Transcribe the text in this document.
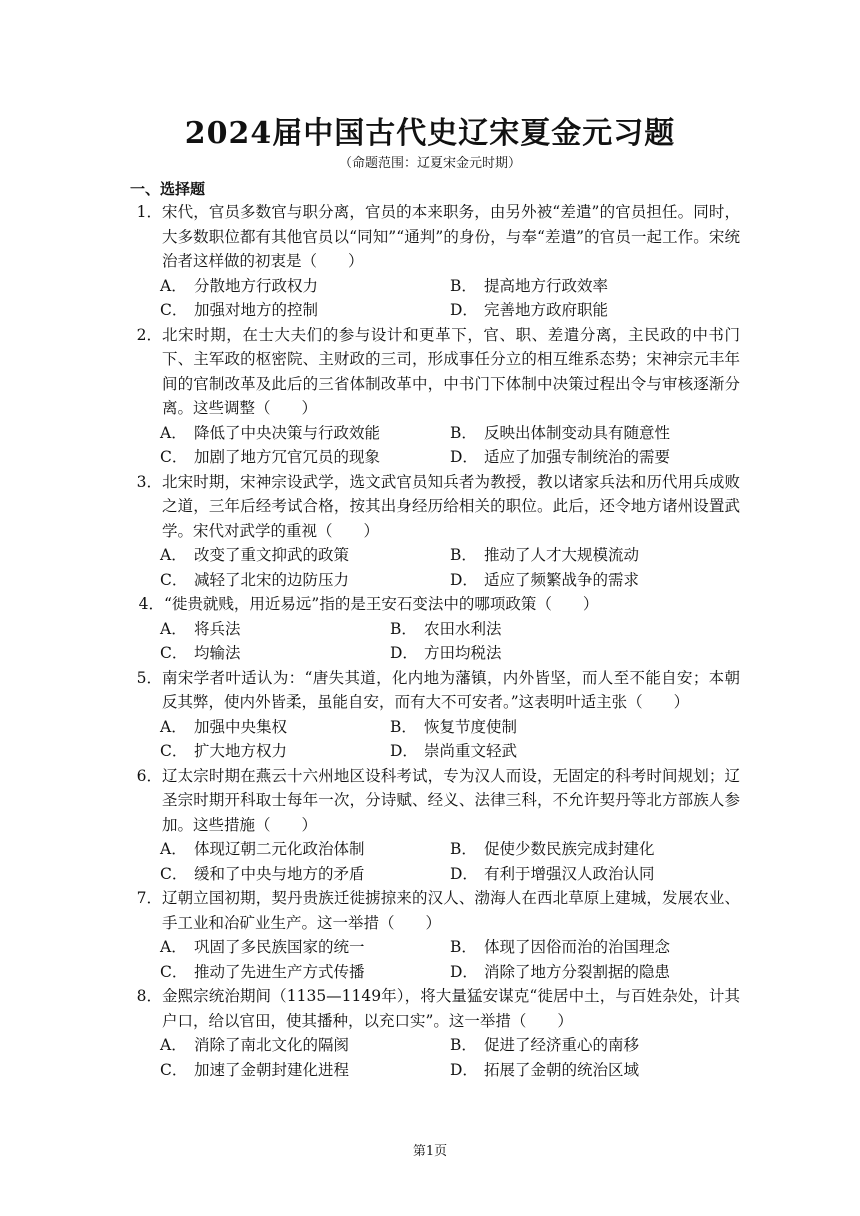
2024届中国古代史辽宋夏金元习题
（命题范围：辽夏宋金元时期）
一、选择题
1． 宋代，官员多数官与职分离，官员的本来职务，由另外被“差遣”的官员担任。同时，大多数职位都有其他官员以“同知”“通判”的身份，与奉“差遣”的官员一起工作。宋统治者这样做的初衷是（　　）
A． 分散地方行政权力	B． 提高地方行政效率
C． 加强对地方的控制	D． 完善地方政府职能
2． 北宋时期，在士大夫们的参与设计和更革下，官、职、差遣分离，主民政的中书门下、主军政的枢密院、主财政的三司，形成事任分立的相互维系态势；宋神宗元丰年间的官制改革及此后的三省体制改革中，中书门下体制中决策过程出令与审核逐渐分离。这些调整（　　）
A． 降低了中央决策与行政效能	B． 反映出体制变动具有随意性
C． 加剧了地方冗官冗员的现象	D． 适应了加强专制统治的需要
3． 北宋时期，宋神宗设武学，选文武官员知兵者为教授，教以诸家兵法和历代用兵成败之道，三年后经考试合格，按其出身经历给相关的职位。此后，还令地方诸州设置武学。宋代对武学的重视（　　）
A． 改变了重文抑武的政策	B． 推动了人才大规模流动
C． 减轻了北宋的边防压力	D． 适应了频繁战争的需求
4． “徙贵就贱，用近易远”指的是王安石变法中的哪项政策（　　）
A． 将兵法	B． 农田水利法
C． 均输法	D． 方田均税法
5． 南宋学者叶适认为：“唐失其道，化内地为藩镇，内外皆坚，而人至不能自安；本朝反其弊，使内外皆柔，虽能自安，而有大不可安者。”这表明叶适主张（　　）
A． 加强中央集权	B． 恢复节度使制
C． 扩大地方权力	D． 崇尚重文轻武
6． 辽太宗时期在燕云十六州地区设科考试，专为汉人而设，无固定的科考时间规划；辽圣宗时期开科取士每年一次，分诗赋、经义、法律三科，不允许契丹等北方部族人参加。这些措施（　　）
A． 体现辽朝二元化政治体制	B． 促使少数民族完成封建化
C． 缓和了中央与地方的矛盾	D． 有利于增强汉人政治认同
7． 辽朝立国初期，契丹贵族迁徙掳掠来的汉人、渤海人在西北草原上建城，发展农业、手工业和冶矿业生产。这一举措（　　）
A． 巩固了多民族国家的统一	B． 体现了因俗而治的治国理念
C． 推动了先进生产方式传播	D． 消除了地方分裂割据的隐患
8． 金熙宗统治期间（1135—1149年），将大量猛安谋克“徙居中土，与百姓杂处，计其户口，给以官田，使其播种，以充口实”。这一举措（　　）
A． 消除了南北文化的隔阂	B． 促进了经济重心的南移
C． 加速了金朝封建化进程	D． 拓展了金朝的统治区域
第1页
